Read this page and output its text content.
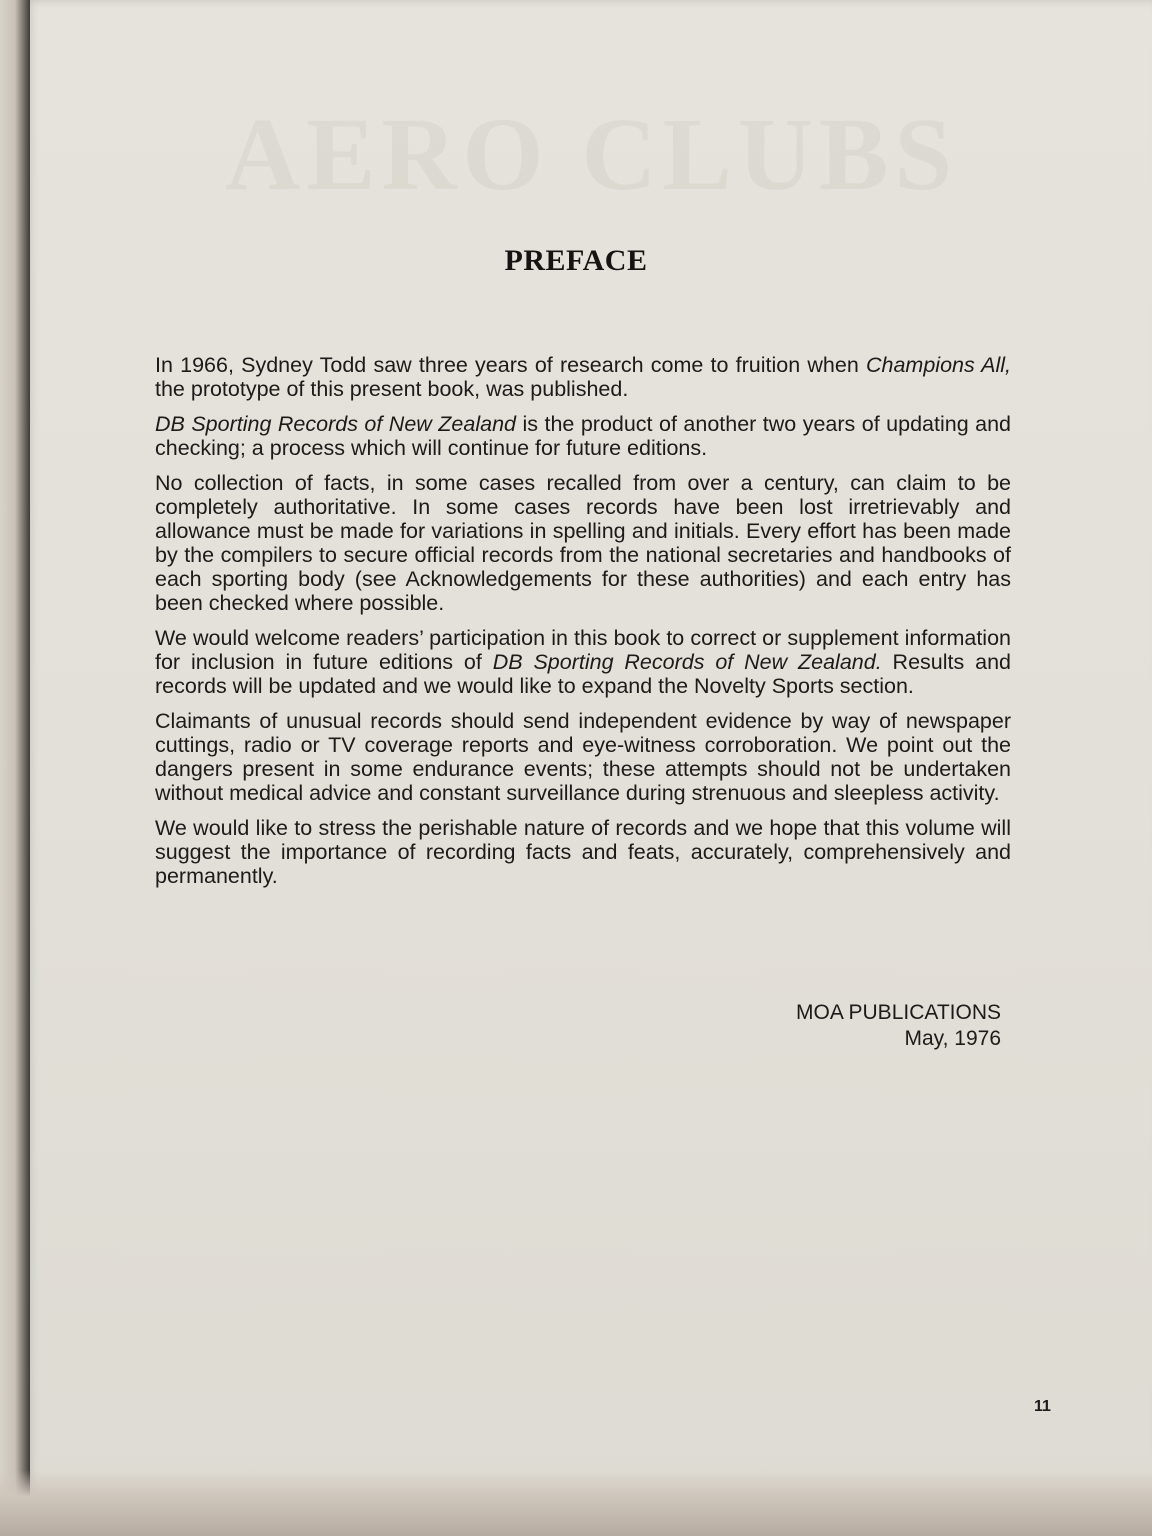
AERO CLUBS
PREFACE

In 1966, Sydney Todd saw three years of research come to fruition when Champions All, the prototype of this present book, was published.

DB Sporting Records of New Zealand is the product of another two years of updating and checking; a process which will continue for future editions.

No collection of facts, in some cases recalled from over a century, can claim to be completely authoritative. In some cases records have been lost irretrievably and allowance must be made for variations in spelling and initials. Every effort has been made by the compilers to secure official records from the national secretaries and handbooks of each sporting body (see Acknowledgements for these authorities) and each entry has been checked where possible.

We would welcome readers’ participation in this book to correct or supplement information for inclusion in future editions of DB Sporting Records of New Zealand. Results and records will be updated and we would like to expand the Novelty Sports section.

Claimants of unusual records should send independent evidence by way of newspaper cuttings, radio or TV coverage reports and eye-witness corroboration. We point out the dangers present in some endurance events; these attempts should not be undertaken without medical advice and constant surveillance during strenuous and sleepless activity.

We would like to stress the perishable nature of records and we hope that this volume will suggest the importance of recording facts and feats, accurately, comprehensively and permanently.

MOA PUBLICATIONS
May, 1976
11
